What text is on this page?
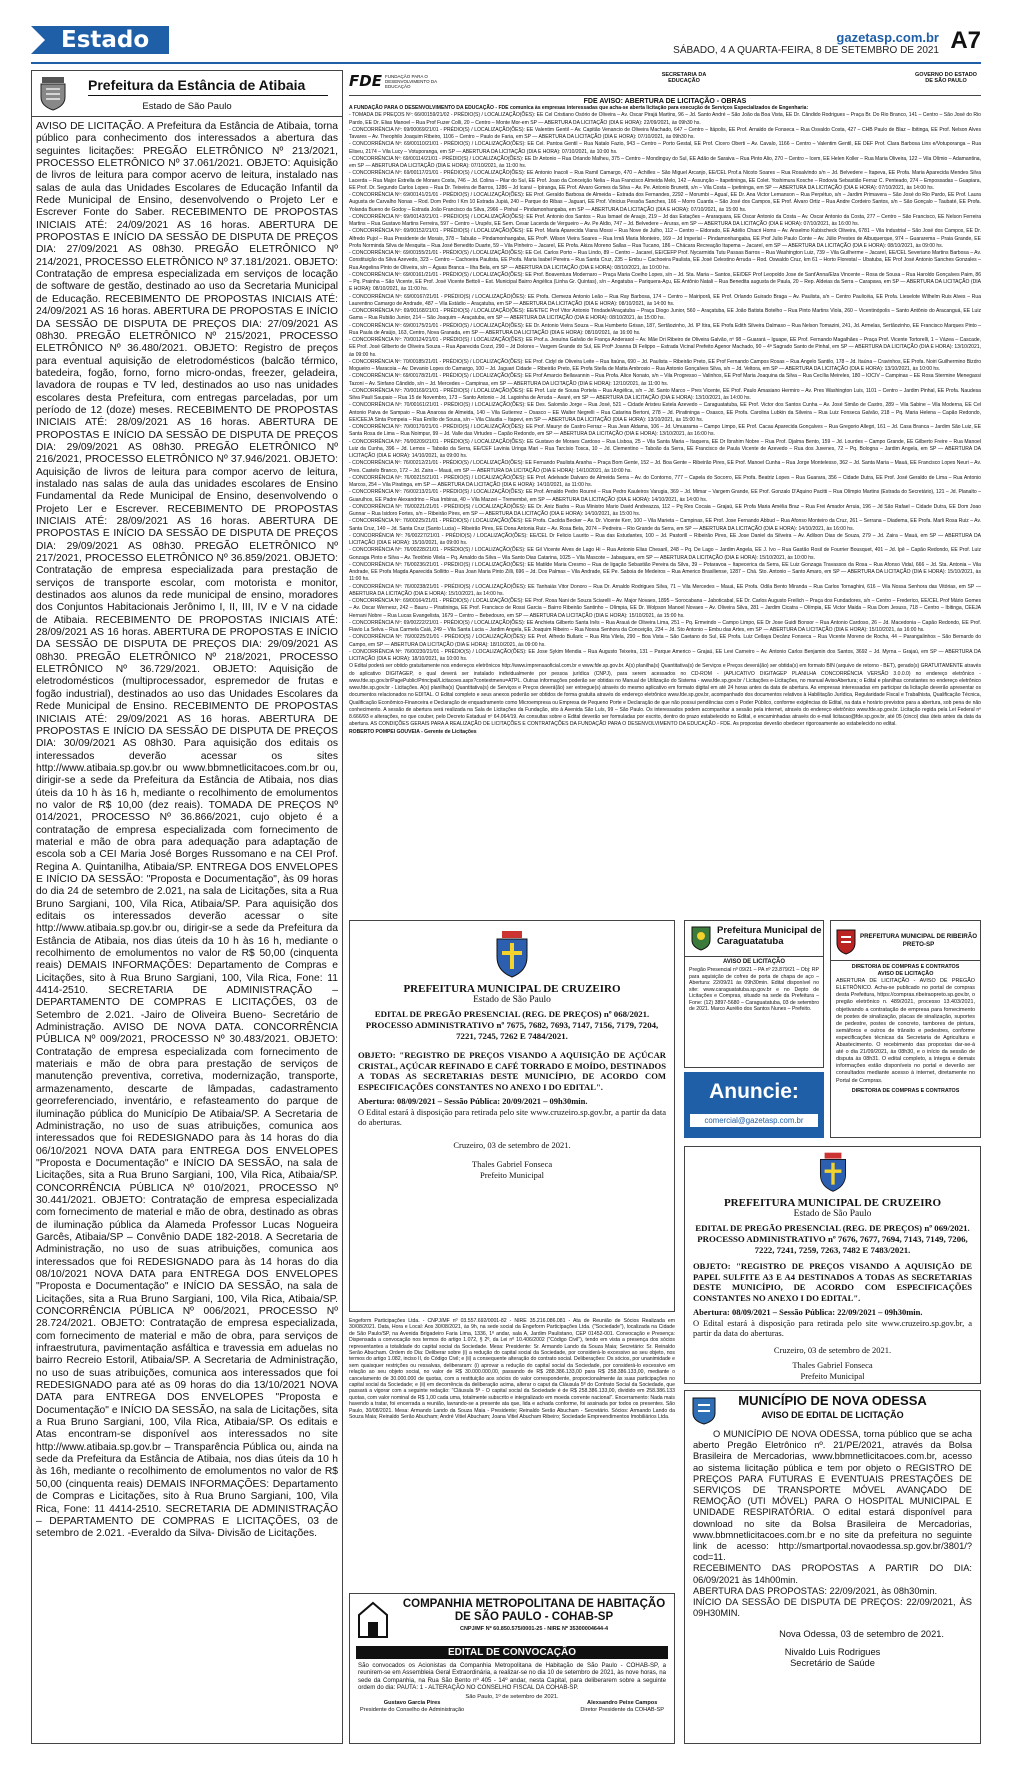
Estado	gazetasp.com.br
SÁBADO, 4 A QUARTA-FEIRA, 8 DE SETEMBRO DE 2021 A7
Prefeitura da Estância de Atibaia
Estado de São Paulo
AVISO DE LICITAÇÃO. A Prefeitura da Estância de Atibaia, torna público para conhecimento dos interessados a abertura das seguintes licitações: PREGÃO ELETRÔNICO Nº 213/2021, PROCESSO ELETRÔNICO Nº 37.061/2021. OBJETO: Aquisição de livros de leitura para compor acervo de leitura, instalado nas salas de aula das Unidades Escolares de Educação Infantil da Rede Municipal de Ensino, desenvolvendo o Projeto Ler e Escrever Fonte do Saber. RECEBIMENTO DE PROPOSTAS INICIAIS ATÉ: 24/09/2021 AS 16 horas. ABERTURA DE PROPOSTAS E INÍCIO DA SESSÃO DE DISPUTA DE PREÇOS DIA: 27/09/2021 AS 08h30. PREGÃO ELETRÔNICO Nº 214/2021, PROCESSO ELETRÔNICO Nº 37.181/2021. OBJETO: Contratação de empresa especializada em serviços de locação de software de gestão, destinado ao uso da Secretaria Municipal de Educação. RECEBIMENTO DE PROPOSTAS INICIAIS ATÉ: 24/09/2021 AS 16 horas. ABERTURA DE PROPOSTAS E INÍCIO DA SESSÃO DE DISPUTA DE PREÇOS DIA: 27/09/2021 AS 08h30. PREGÃO ELETRÔNICO Nº 215/2021, PROCESSO ELETRÔNICO Nº 36.480/2021. OBJETO: Registro de preços para eventual aquisição de eletrodomésticos (balcão térmico, batedeira, fogão, forno, forno micro-ondas, freezer, geladeira, lavadora de roupas e TV led, destinados ao uso nas unidades escolares desta Prefeitura, com entregas parceladas, por um período de 12 (doze) meses. RECEBIMENTO DE PROPOSTAS INICIAIS ATÉ: 28/09/2021 AS 16 horas. ABERTURA DE PROPOSTAS E INÍCIO DA SESSÃO DE DISPUTA DE PREÇOS DIA: 29/09/2021 AS 08h30. PREGÃO ELETRÔNICO Nº 216/2021, PROCESSO ELETRÔNICO Nº 37.946/2021. OBJETO: Aquisição de livros de leitura para compor acervo de leitura, instalado nas salas de aula das unidades escolares de Ensino Fundamental da Rede Municipal de Ensino, desenvolvendo o Projeto Ler e Escrever. RECEBIMENTO DE PROPOSTAS INICIAIS ATÉ: 28/09/2021 AS 16 horas. ABERTURA DE PROPOSTAS E INÍCIO DA SESSÃO DE DISPUTA DE PREÇOS DIA: 29/09/2021 AS 08h30. PREGÃO ELETRÔNICO Nº 217/2021, PROCESSO ELETRÔNICO Nº 36.859/2021. OBJETO: Contratação de empresa especializada para prestação de serviços de transporte escolar, com motorista e monitor, destinados aos alunos da rede municipal de ensino, moradores dos Conjuntos Habitacionais Jerônimo I, II, III, IV e V na cidade de Atibaia. RECEBIMENTO DE PROPOSTAS INICIAIS ATÉ: 28/09/2021 AS 16 horas. ABERTURA DE PROPOSTAS E INÍCIO DA SESSÃO DE DISPUTA DE PREÇOS DIA: 29/09/2021 AS 08h30. PREGÃO ELETRÔNICO Nº 218/2021, PROCESSO ELETRÔNICO Nº 36.729/2021. OBJETO: Aquisição de eletrodomésticos (multiprocessador, espremedor de frutas e fogão industrial), destinados ao uso das Unidades Escolares da Rede Municipal de Ensino. RECEBIMENTO DE PROPOSTAS INICIAIS ATÉ: 29/09/2021 AS 16 horas. ABERTURA DE PROPOSTAS E INÍCIO DA SESSÃO DE DISPUTA DE PREÇOS DIA: 30/09/2021 AS 08h30. Para aquisição dos editais os interessados deverão acessar os sites http://www.atibaia.sp.gov.br ou www.bbmnetlicitacoes.com.br ou, dirigir-se a sede da Prefeitura da Estância de Atibaia, nos dias úteis da 10 h às 16 h, mediante o recolhimento de emolumentos no valor de R$ 10,00 (dez reais). TOMADA DE PREÇOS Nº 014/2021, PROCESSO Nº 36.866/2021, cujo objeto é a contratação de empresa especializada com fornecimento de material e mão de obra para adequação para adaptação de escola sob a CEI Maria José Borges Russomano e na CEI Prof. Regina A. Quintanilha, Atibaia/SP. ENTREGA DOS ENVELOPES E INÍCIO DA SESSÃO: "Proposta e Documentação", às 09 horas do dia 24 de setembro de 2.021, na sala de Licitações, sita a Rua Bruno Sargiani, 100, Vila Rica, Atibaia/SP. Para aquisição dos editais os interessados deverão acessar o site http://www.atibaia.sp.gov.br ou, dirigir-se a sede da Prefeitura da Estância de Atibaia, nos dias úteis da 10 h às 16 h, mediante o recolhimento de emolumentos no valor de R$ 50,00 (cinquenta reais) DEMAIS INFORMAÇÕES: Departamento de Compras e Licitações, sito à Rua Bruno Sargiani, 100, Vila Rica, Fone: 11 4414-2510. SECRETARIA DE ADMINISTRAÇÃO – DEPARTAMENTO DE COMPRAS E LICITAÇÕES, 03 de Setembro de 2.021. -Jairo de Oliveira Bueno- Secretário de Administração. AVISO DE NOVA DATA. CONCORRÊNCIA PÚBLICA Nº 009/2021, PROCESSO Nº 30.483/2021. OBJETO: Contratação de empresa especializada com fornecimento de materiais e mão de obra para prestação de serviços de manutenção preventiva, corretiva, modernização, transporte, armazenamento, descarte de lâmpadas, cadastramento georreferenciado, inventário, e refasteamento do parque de iluminação pública do Município De Atibaia/SP. A Secretaria de Administração, no uso de suas atribuições, comunica aos interessados que foi REDESIGNADO para às 14 horas do dia 06/10/2021 NOVA DATA para ENTREGA DOS ENVELOPES "Proposta e Documentação" e INÍCIO DA SESSÃO, na sala de Licitações, sita a Rua Bruno Sargiani, 100, Vila Rica, Atibaia/SP. CONCORRÊNCIA PÚBLICA Nº 010/2021, PROCESSO Nº 30.441/2021. OBJETO: Contratação de empresa especializada com fornecimento de material e mão de obra, destinado as obras de iluminação pública da Alameda Professor Lucas Nogueira Garcês, Atibaia/SP – Convênio DADE 182-2018. A Secretaria de Administração, no uso de suas atribuições, comunica aos interessados que foi REDESIGNADO para às 14 horas do dia 08/10/2021 NOVA DATA para ENTREGA DOS ENVELOPES "Proposta e Documentação" e INÍCIO DA SESSÃO, na sala de Licitações, sita a Rua Bruno Sargiani, 100, Vila Rica, Atibaia/SP. CONCORRÊNCIA PÚBLICA Nº 006/2021, PROCESSO Nº 28.724/2021. OBJETO: Contratação de empresa especializada, com fornecimento de material e mão de obra, para serviços de infraestrutura, pavimentação asfáltica e travessia em aduelas no bairro Recreio Estoril, Atibaia/SP. A Secretaria de Administração, no uso de suas atribuições, comunica aos interessados que foi REDESIGNADO para até as 09 horas do dia 13/10/2021 NOVA DATA para ENTREGA DOS ENVELOPES "Proposta e Documentação" e INÍCIO DA SESSÃO, na sala de Licitações, sita a Rua Bruno Sargiani, 100, Vila Rica, Atibaia/SP. Os editais e Atas encontram-se disponível aos interessados no site http://www.atibaia.sp.gov.br – Transparência Pública ou, ainda na sede da Prefeitura da Estância de Atibaia, nos dias úteis da 10 h às 16h, mediante o recolhimento de emolumentos no valor de R$ 50,00 (cinquenta reais) DEMAIS INFORMAÇÕES: Departamento de Compras e Licitações, sito à Rua Bruno Sargiani, 100, Vila Rica, Fone: 11 4414-2510. SECRETARIA DE ADMINISTRAÇÃO – DEPARTAMENTO DE COMPRAS E LICITAÇÕES, 03 de setembro de 2.021. -Everaldo da Silva- Divisão de Licitações.
FDE FUNDAÇÃO PARA O DESENVOLVIMENTO DA EDUCAÇÃO
SECRETARIA DA EDUCAÇÃO
GOVERNO DO ESTADO DE SÃO PAULO
FDE AVISO: ABERTURA DE LICITAÇÃO - OBRAS

A FUNDAÇÃO PARA O DESENVOLVIMENTO DA EDUCAÇÃO - FDE comunica às empresas interessadas que acha-se aberta licitação para execução de Serviços Especializados de Engenharia:

- TOMADA DE PREÇOS Nº: 66/00159/21/02 - PRÉDIO(S) / LOCALIZAÇÃO(ÕES): EE Cel Cristiano Osório de Oliveira – Av. Oscar Pirajá Martins, 96 – Jd. Santo André – São João da Boa Vista, EE Dr. Cândido Rodrigues – Praça Br. Do Rio Branco, 141 – Centro – São José do Rio Pardo, EE Dr. Elias Manoel – Rua Prof Fuzer Colli, 20 – Centro – Monte Mor-em SP — ABERTURA DA LICITAÇÃO (DIA E HORA): 22/09/2021, às 09h30 hs.

- CONCORRÊNCIA Nº: 69/00069/21/01 - PRÉDIO(S) / LOCALIZAÇÃO(ÕES): EE Valentim Gentil – Av. Capitão Venancio de Oliveira Machado, 647 – Centro – Itápolis, EE Prof. Arnaldo de Fonseca – Rua Osvaldo Costa, 427 – CHB Paulo de Blaz – Ibitinga, EE Prof. Nelson Alves Tavares – Av. Theophilo Joaquim Ribeiro, 1106 – Centro – Paulo de Faria, em SP — ABERTURA DA LICITAÇÃO (DIA E HORA): 07/10/2021, às 09h30 hs.

- CONCORRÊNCIA Nº: 69/00110/21/01 - PRÉDIO(S) / LOCALIZAÇÃO(ÕES): EE Cel. Pantoa Gentil – Rua Natalo Fazio, 943 – Centro – Porto Gestal, EE Prof. Cicero Oberti – Av. Cavalo, 1166 – Centro – Valentim Gentil, EE DEF Prof. Clara Barbosa Lins e/Votuporanga – Rua Eliseu, 2174 – Vila Lucy – Votuporanga, em SP — ABERTURA DA LICITAÇÃO (DIA E HORA): 07/10/2021, às 10:00 hs.

- CONCORRÊNCIA Nº: 69/00114/21/01 - PRÉDIO(S) / LOCALIZAÇÃO(ÕES): EE Dr Antonio – Rua Orlando Malheu, 375 – Centro – Mondinguy do Sul, EE Adão de Saraiva – Rua Pinto Alio, 270 – Centro – Icem, EE Helen Koller – Rua Maria Oliveira, 122 – Vila Olímio – Adamantina, em SP — ABERTURA DA LICITAÇÃO (DIA E HORA): 07/10/2021, às 11:00 hs.

- CONCORRÊNCIA Nº: 69/00117/21/01 - PRÉDIO(S) / LOCALIZAÇÃO(ÕES): EE Antonio Inacoli – Rua Ramil Camargo, 470 – Achilles – São Miguel Arcanjo, EE/CEL Prof.a Nicoto Soares – Rua Rosalvindo s/n – Jd. Belvedere – Itapeva, EE Profa. Maria Aparecida Mendes Silva Lacerda – Rua Major Estrella de Moraes Costa, 746 – Jd. Colina – Pilar do Sul, EE Prof. Joao da Conceição Nelia – Rua Francisco Almeida Melo, 142 – Assunção – Itapetininga, EE Colet. Yoshimura Kosche – Rodovia Sebastião Ferraz C. Penteado, 274 – Empossadas – Guapiara, EE Prof. Dr. Segundo Carlos Lopes – Rua Dr. Teixeira de Barros, 1286 – Jd Icaraí – Ipiranga, EE Prof. Alvaro Gomes da Silva – Av. Pe. Antonio Brunetti, s/n – Vila Costa – Ipetininga, em SP — ABERTURA DA LICITAÇÃO (DIA E HORA): 07/10/2021, às 14:00 hs.

- CONCORRÊNCIA Nº: 69/00141/21/01 - PRÉDIO(S) / LOCALIZAÇÃO(ÕES): EE Prof. Geraldo Barbosa de Almeida – Estrada dos Fernandes, 2292 – Morumbi – Aguaí, EE Dr. Ana Victor Lemanson – Rua Perpétuo, s/n – Jardim Primavera – São José do Rio Pardo, EE Prof. Laura Augusta de Carvalho Nonas – Rod. Dom Pedro I Km 10 Estrada Jupiá, 240 – Parque do Ribas – Jaguari, EE Prof. Vinicius Pessôa Sanches, 166 – Morro Cuarda – São José dos Campos, EE Prof. Álvaro Ortiz – Rua Andre Cordeiro Santos, s/n – São Gonçalo – Taubaté, EE Profa. Yolanda Bueno de Godoy – Estrada João Francisco da Silva, 2966 – Pinhal – Pindamonhangaba, em SP — ABERTURA DA LICITAÇÃO (DIA E HORA): 07/10/2021, às 15:00 hs.

- CONCORRÊNCIA Nº: 69/00143/21/01 - PRÉDIO(S) / LOCALIZAÇÃO(ÕES): EE Prof. Antonio dos Santos – Rua Ismael de Araujo, 219 – Jd das Estações – Araraquara, EE Oscar Antonio da Costa – Av. Oscar Antonio da Costa, 277 – Centro – São Francisco, EE Nelson Ferreira Martins – Rua Gustavo Martins Ferreira, 597 – Centro – Urupês, EE Sem. Cesar Lacerda de Vergueiro – Av. Pe Aldio, 747 – Jd. Belvedere – Aruras, em SP — ABERTURA DA LICITAÇÃO (DIA E HORA): 07/10/2021, às 16:00 hs.

- CONCORRÊNCIA Nº: 69/00152/21/01 - PRÉDIO(S) / LOCALIZAÇÃO(ÕES): EE Prof. Maria Aparecida Viana Mossi – Rua Nove de Julho, 112 – Centro – Eldorado, EE Adélio Chacri Homs – Av. Anselmo Kubischeck Oliveira, 6781 – Vila Industrial – São José dos Campos, EE Dr. Alfredo Pujol – Rua Presidente de Morais, 378 – Tabuão – Pindamonhangaba, EE Profª. Wilson Vieira Soares – Rua Irmã Maria Monteiro, 169 – Jd Imperial – Pindamonhangaba, EE Prof Julio Paulo Conte – Av. Júlio Prestes de Albuquerque, 974 – Guararema – Praia Grande, EE Profa Norminda Silva de Mesquita – Rua José Benedito Duarte, 59 – Vila Pinheiro – Jacareí, EE Profa. Akiza Moreno Sallas – Rua Tucano, 186 – Chácara Recreação Itapema – Jacareí, em SP — ABERTURA DA LICITAÇÃO (DIA E HORA): 08/10/2021, às 09:00 hs.

- CONCORRÊNCIA Nº: 69/00155/21/01 - PRÉDIO(S) / LOCALIZAÇÃO(ÕES): EE Cel. Carlos Porto – Rua Lindo, 89 – Centro – Jacareí, EE/CEFP Prof. Nycarmida Tutu Passas Barros – Rua Washington Luiz, 739 – Vila Guilherme – Jacareí, EE/CEL Severiano Martins Barbosa – Av. Constituição da Silva Azevedo, 323 – Centro – Cachoeira Paulista, EE Profa. Maria Isabel Pereira – Rua Santa Cruz, 235 – Embu – Cachoeira Paulista, EE José Celestino Arruda – Rod. Oswaldo Cruz, km 61 – Horto Florestal – Ubatuba, EE Prof José Antonio Sanches Gonzales – Rua Angelina Pinto de Oliveira, s/n – Águas Branca – Ilha Bela, em SP — ABERTURA DA LICITAÇÃO (DIA E HORA): 08/10/2021, às 10:00 hs.

- CONCORRÊNCIA Nº: 69/00161/21/01 - PRÉDIO(S) / LOCALIZAÇÃO(ÕES): EE Prof. Boaventura Modernaro – Praça Maria Coelho Lopes, s/n – Jd. Sta. Maria – Santos, EE/DEF Prof Leopoldo Jose de Sant'Anna/Elza Vincente – Rosa de Sousa – Rua Haroldo Gonçalves Paim, 86 – Pq. Prainha – São Vicente, EE Prof. José Vicente Bettoli – Est. Municipal Bairro Angélica (Linha Gr. Quintas), s/n – Angatuba – Pariquera-Açu, EE Antônio Natali – Rua Benedita augusta de Paula, 20 – Rep. Aldeias da Serra – Carapava, em SP — ABERTURA DA LICITAÇÃO (DIA E HORA): 08/10/2021, às 11:00 hs.

- CONCORRÊNCIA Nº: 69/00167/21/01 - PRÉDIO(S) / LOCALIZAÇÃO(ÕES): EE Profa. Clemeza Antonio Leão – Rua Ray Barbosa, 174 – Centro – Mairiporã, EE Prof. Orlando Guirado Braga – Av. Paulista, s/n – Centro Paulicéia, EE Profa. Lieselote Wilhelm Ruis Alves – Rua Laurentino Camargo de Andrade, 487 – Vila Estádio – Araçatuba, em SP — ABERTURA DA LICITAÇÃO (DIA E HORA): 08/10/2021, às 14:00 hs.

- CONCORRÊNCIA Nº: 69/00168/21/01 - PRÉDIO(S) / LOCALIZAÇÃO(ÕES): EE/ETEC Prof Vitor Antonio Trindade/Araçatuba – Praça Diogo Junior, 560 – Araçatuba, EE João Batista Botelho – Rua Pinto Martins Viola, 260 – Vicentinópolis – Santo Antônio do Aracanguá, EE Luiz Gama – Rua Rubião Junior, 214 – São Joaquim – Araçatuba, em SP — ABERTURA DA LICITAÇÃO (DIA E HORA): 08/10/2021, às 15:00 hs.

- CONCORRÊNCIA Nº: 69/00175/21/01 - PRÉDIO(S) / LOCALIZAÇÃO(ÕES): EE Dr. Antonio Vieira Souza – Rua Humberto Grisan, 187, Sertãozinho, Jd. IP Itira, EE Profa Edith Silveira Dalmaso – Rua Nelson Tomazini, 241, Jd. Armelas, Sertãozinho, EE Francisco Marques Pinto – Rua Paula de Araújo, 163, Centro, Nova Granada, em SP — ABERTURA DA LICITAÇÃO (DIA E HORA): 08/10/2021, às 16:00 hs.

- CONCORRÊNCIA Nº: 70/00124/21/01 - PRÉDIO(S) / LOCALIZAÇÃO(ÕES): EE Prof.a. Jesuína Galvão de França Anderasol – Av. Mãe Dri Ribeiro de Oliveira Galvão, nº 98 – Guarará – Iguape, EE Prof. Fernando Magalhães – Praça Prof. Vicente Tortorelli, 1 – Vázea – Cascade, EE Prof. José Gilberto de Oliveira Souza – Rua Aparecida Cozzi, 290 – Jd Dolores – Vargem Grande do Sul, EE Profª Joanna Di Felippo – Estrada Vicinal Prefeito Agenor Machado, 90 – 4ª Sagrado Santo de Pinhal, em SP — ABERTURA DA LICITAÇÃO (DIA E HORA): 13/10/2021, às 09:00 hs.

- CONCORRÊNCIA Nº: 70/00185/21/01 - PRÉDIO(S) / LOCALIZAÇÃO(ÕES): EE Prof. Cidyl de Oliveira Leite – Rua Itaúna, 690 – Jd. Paulista – Ribeirão Preto, EE Prof Fernando Campos Rosas – Rua Angelo Santilo, 178 – Jd. Itaúna – Cravinhos, EE Profa. Noiri Guilhermino Bizdro Mogueiro – Maracoia – Av. Devanio Lopes do Camargo, 100 – Jd. Jaguari Cidade – Ribeirão Preto, EE Profa Stella de Matta Ambrosio – Rua Antonio Gonçalves Silva, s/n – Jd. Veltora, em SP — ABERTURA DA LICITAÇÃO (DIA E HORA): 13/10/2021, às 10:00 hs.

- CONCORRÊNCIA Nº: 69/00178/21/01 - PRÉDIO(S) / LOCALIZAÇÃO(ÕES): EE Prof Amarcio Bellavannin – Rua Profa. Alice Nonato, s/n – Vila Progresso – Valinhos, EE Prof Maria Joaquina da Silva – Rua Cecília Meireles, 180 – IOCIV – Campinas – EE Rosa Stermine Menegassi Tazoni – Av. Sinfano Cândido, s/n – Jd. Mercedes – Campinas, em SP — ABERTURA DA LICITAÇÃO (DIA E HORA): 12/10/2021, às 11:00 hs.

- CONCORRÊNCIA Nº: 70/00169/21/01 - PRÉDIO(S) / LOCALIZAÇÃO(ÕES): EE Prof. Luiz de Sousa Portela – Rua Angélica, s/n – Jd. Santo Marco – Pres Vicente, EE Prof. Paulo Amasiano Hermiro – Av. Pres Washington Luis, 1101 – Centro – Jardim Pinhal, EE Profa. Naudesa Silva Pauli Saupaio – Rua 15 de Novembro, 173 – Santo Antonio – Jd. Lagoinha de Arruda – Avaré, em SP — ABERTURA DA LICITAÇÃO (DIA E HORA): 13/10/2021, às 14:00 hs.

- CONCORRÊNCIA Nº: 70/00161/21/01 - PRÉDIO(S) / LOCALIZAÇÃO(ÕES): EE Des. Salomão Jorge – Rua José, 521 – Cidade Aristeu Estela Azevedo – Caraguatatuba, EE Prof. Victor dos Santos Cunha – Av. José Simão de Castro, 289 – Vila Sabine – Vila Moderna, EE Cel Antonio Paiva de Sampaio – Rua Anarosa de Almeida, 140 – Vila Gutierrez – Osasco – EE Walter Negrelli – Rua Catarina Bertoni, 278 – Jd. Piratininga – Osasco, EE Profa. Carolina Lubkin da Silveira – Rua Luiz Fonseca Galvão, 218 – Pq. Maria Helena – Capão Redondo, EE/CEEJA Sinta Pompeia – Rua Emílio de Sousa, s/n – Vila Cláudia – Itapevi, em SP — ABERTURA DA LICITAÇÃO (DIA E HORA): 13/10/2021, às 15:00 hs.

- CONCORRÊNCIA Nº: 70/00170/21/01 - PRÉDIO(S) / LOCALIZAÇÃO(ÕES): EE Prof. Mauryr de Castro Ferraz – Rua Jean Aldama, 106 – Jd. Umuarama – Campo Limpo, EE Prof. Cacau Aparecida Gonçalves – Rua Gregorio Allegri, 161 – Jd. Casa Branca – Jardim São Luiz, EE Santa Rosa de Lima – Rua Noimpur, 99 – Jd. Valle das Virtudes – Capão Redondo, em SP — ABERTURA DA LICITAÇÃO (DIA E HORA): 13/10/2021, às 16:00 hs.

- CONCORRÊNCIA Nº: 76/00209/21/01 - PRÉDIO(S) / LOCALIZAÇÃO(ÕES): EE Gustavo de Moraes Cardoso – Rua Lisboa, 25 – Vila Santa Maria – Itaquera, EE Dr Ibrahim Nobre – Rua Prof. Djalma Bento, 159 – Jd. Lourdes – Campo Grande, EE Gilberto Freire – Rua Manoel Luiz da Cunha, 396 – Jd. Lemos – Taboão da Serra, EE/CEF Lavinia Uringa Mari – Rua Tarcísio Tosca, 10 – Jd. Clementino – Taboão da Serra, EE Francisco de Paula Vicente de Azevedo – Rua dos Juvenes, 72 – Pq. Bologna – Jardim Angela, em SP — ABERTURA DA LICITAÇÃO (DIA E HORA): 14/10/2021, às 09:00 hs.

- CONCORRÊNCIA Nº: 76/00212/21/01 - PRÉDIO(S) / LOCALIZAÇÃO(ÕES): EE Fernando Paulista Aranha – Praça Bom Gente, 152 – Jd. Boa Gente – Ribeirão Pires, EE Prof. Manoel Cunha – Rua Jorge Montelesso, 362 – Jd. Santa Maria – Mauá, EE Francisco Lopes Neuri – Av. Pres. Castelo Branco, 172 – Jd. Zaira – Mauá, em SP — ABERTURA DA LICITAÇÃO (DIA E HORA): 14/10/2021, às 10:00 hs.

- CONCORRÊNCIA Nº: 76/00215/21/01 - PRÉDIO(S) / LOCALIZAÇÃO(ÕES): EE Prof. Adelvade Dalvaro de Almeida Serra – Av. do Contorno, 777 – Capela do Socorro, EE Profa. Beatriz Lopes – Rua Guarara, 356 – Cidade Dutra, EE Prof. José Geraldo de Lima – Rua Antonio Marcos, 254 – Vila Piratinga, em SP — ABERTURA DA LICITAÇÃO (DIA E HORA): 14/10/2021, às 11:00 hs.

- CONCORRÊNCIA Nº: 76/00213/21/01 - PRÉDIO(S) / LOCALIZAÇÃO(ÕES): EE Prof. Arnaldo Pedro Rourné – Rua Pedro Kauleiros Varugia, 369 – Jd. Mimar – Vargem Grande, EE Prof. Gonzalo D'Aquino Pacitti – Rua Olímpio Martins (Estrada do Secretário), 121 – Jd. Planalto – Guarulhos, EE Padre Alexandrino – Rua Imbiras, 40 – Vila Mazzei – Tremembé, em SP — ABERTURA DA LICITAÇÃO (DIA E HORA): 14/10/2021, às 14:00 hs.

- CONCORRÊNCIA Nº: 76/00221/21/01 - PRÉDIO(S) / LOCALIZAÇÃO(ÕES): EE Dr. Aniz Badra – Rua Ministro Mario David Andreazza, 112 – Pq Res Cocaia – Grajaú, EE Profa Maria Amélia Braz – Rua Frei Amador Arruia, 196 – Jd São Rafael – Cidade Dutra, EE Dom Joao Gunnar – Rua Isidoro Fortes, s/n – Ribeirão Pires, em SP — ABERTURA DA LICITAÇÃO (DIA E HORA): 14/10/2021, às 15:00 hs.

- CONCORRÊNCIA Nº: 76/00225/21/01 - PRÉDIO(S) / LOCALIZAÇÃO(ÕES): EE Profa. Cacilda Becker – Av. Dr. Vicente Kerr, 100 – Vila Marieta – Campinas, EE Prof. Jose Fernando Abbud – Rua Afonso Monteiro da Cruz, 261 – Serrana – Diadema, EE Profa. Marli Rosa Ruiz – Av. Santa Cruz, 140 – Jd. Santa Cruz (Santo Lucia) – Ribeirão Pires, EE Dona Antonia Ruiz – Av. Rosa Bela, 2074 – Pedreira – Rio Grande da Serra, em SP — ABERTURA DA LICITAÇÃO (DIA E HORA): 14/10/2021, às 16:00 hs.

- CONCORRÊNCIA Nº: 76/00227/21/01 - PRÉDIO(S) / LOCALIZAÇÃO(ÕES): EE/CEL Dr Felicio Laurito – Rua das Estudantes, 100 – Jd. Pastorill – Ribeirão Pires, EE Jose Daniel da Silveira – Av. Adilson Dias de Souza, 279 – Jd. Zaira – Mauá, em SP — ABERTURA DA LICITAÇÃO (DIA E HORA): 15/10/2021, às 09:00 hs.

- CONCORRÊNCIA Nº: 76/00228/21/01 - PRÉDIO(S) / LOCALIZAÇÃO(ÕES): EE Gil Vicente Alves de Lago Hi – Rua Antonio Elias Chesaril, 248 – Pq. De Lago – Jardim Angela, EE J. Ivo – Rua Gastão Rosil de Fourrier Bousquet, 401 – Jd. Ipê – Capão Redondo, EE Prof. Luiz Gonzaga Pinto e Silva – Av. Teotônio Vilela – Pq. Arnaldo da Silva – Vila Santo Dias Catarina, 1025 – Vila Mascote – Jabaquara, em SP — ABERTURA DA LICITAÇÃO (DIA E HORA): 15/10/2021, às 10:00 hs.

- CONCORRÊNCIA Nº: 76/00236/21/01 - PRÉDIO(S) / LOCALIZAÇÃO(ÕES): EE Matilde Maria Cresmo – Rua de ligação Sebastião Pereira da Silva, 39 – Potaravoa – Itapecerica da Serra, EE Luiz Gonzaga Travassos da Rosa – Rua Afonso Vidal, 666 – Jd. Sta. Antonia – Vila Andrade, EE Profa Magda Aparecida Sollitto – Rua Joan Maria Pinto Zilli, 696 – Jd. Dos Palmas – Vila Andrade, EE Pe. Saboia de Medeiros – Rua Americo Brasiliense, 1287 – Chá. Sto. Antonio – Santo Amaro, em SP — ABERTURA DA LICITAÇÃO (DIA E HORA): 15/10/2021, às 11:00 hs.

- CONCORRÊNCIA Nº: 76/00238/21/01 - PRÉDIO(S) / LOCALIZAÇÃO(ÕES): EE Tanhaiás Vitor Donoro – Rua Dr. Arnaldo Rodrigues Silva, 71 – Vila Mercedes – Mauá, EE Profa. Odila Bento Miranda – Rua Carlos Tornaghini, 616 – Vila Nossa Senhora das Vitórias, em SP — ABERTURA DA LICITAÇÃO (DIA E HORA): 15/10/2021, às 14:00 hs.

- CONCORRÊNCIA Nº: 69/00164/21/01 - PRÉDIO(S) / LOCALIZAÇÃO(ÕES): EE Prof. Rosa Nani de Souza Sciarelli – Av. Major Novaes, 1895 – Sorocabana – Jaboticabal, EE Dr. Carlos Augusto Freilich – Praça dos Fundadores, s/n – Centro – Frederico, EE/CEL Prof Mário Gomes – Av. Oscar Wernesz, 242 – Bauru – Piratininga, EE Prof. Francisco de Rossi Garcia – Bairro Ribeirão Santinho – Olímpia, EE Dr. Wolpson Manoel Novaes – Av. Oliveira Silva, 281 – Jardim Cicatra – Olímpia, EE Victor Maida – Rua Dom Jesuss, 718 – Centro – Ibitinga, CEEJA Hernani Nobre – Rua Lucas Evangelista, 1679 – Centro – Bebedouro, em SP — ABERTURA DA LICITAÇÃO (DIA E HORA): 15/10/2021, às 15:00 hs.

- CONCORRÊNCIA Nº: 69/00222/21/01 - PRÉDIO(S) / LOCALIZAÇÃO(ÕES): EE Anchieta Gilberto Santa Inês – Rua Arauá de Oliveira Lima, 251 – Pq. Ermeindo – Campo Limpo, EE Dr Jose Guidi Bonsor – Rua Antonio Cardoso, 26 – Jd. Macedonia – Capão Redondo, EE Prof. Flavio La Selva – Rua Carmela Caiá, 249 – Vila Santa Lucia – Jardim Angela, EE Joaquim Ribeiro – Rua Nossa Senhora da Conceição, 234 – Jd. Sto Antonio – Embu das Artes, em SP — ABERTURA DA LICITAÇÃO (DIA E HORA): 15/10/2021, às 16:00 hs.

- CONCORRÊNCIA Nº: 76/00225/21/01 - PRÉDIO(S) / LOCALIZAÇÃO(ÕES): EE Prof. Alfredo Bullaric – Rua Rita Vilela, 290 – Boa Vista – São Caetano do Sul, EE Profa. Luiz Cellaya Decânz Fonseca – Rua Vicente Moreno de Rocha, 44 – Parangalinhos – São Bernardo do Campo, em SP — ABERTURA DA LICITAÇÃO (DIA E HORA): 18/10/2021, às 09:00 hs.

- CONCORRÊNCIA Nº: 76/00230/21/01 - PRÉDIO(S) / LOCALIZAÇÃO(ÕES): EE Jose Sykim Mendia – Rua Augusto Teixeira, 131 – Parque Americo – Grajaú, EE Levi Carneiro – Av. Antonio Carlos Benjamin dos Santos, 3692 – Jd. Myrna – Grajaú, em SP — ABERTURA DA LICITAÇÃO (DIA E HORA): 18/10/2021, às 10:00 hs.

O Edital poderá ser obtido gratuitamente nos endereços eletrônicos http://www.imprensaoficial.com.br e www.fde.sp.gov.br. A(s) planilha(s) Quantitativa(s) de Serviços e Preços deverá(ão) ser obtida(s) em formato BIN (arquivo de retorno - BET), gerado(s) GRATUITAMENTE através do aplicativo DIGITAGEP, o qual deverá ser instalado individualmente por pessoa jurídica (CNPJ), para serem acessados no CD-ROM - (APLICATIVO DIGITAGEP PLANILHA CONCORRÊNCIA VERSÃO 3.0.0.0) no endereço eletrônico - www.fde.sp.gov.br/PagePublic/Principal/Licitacoes.aspx?contextmenu=ATPL. Outras informações poderão ser obtidas no Manual de Utilização do Sistema - www.fde.sp.gov.br / Licitações e-Licitações, no manual AvisoAbertura; o Edital e planilhas constantes no endereço eletrônico www.fde.sp.gov.br - Licitações. A(s) planilha(s) Quantitativa(s) de Serviços e Preços deverá(ão) ser entregue(s) através do mesmo aplicativo em formato digital em até 24 horas antes da data de abertura. As empresas interessadas em participar da licitação deverão apresentar os documentos relacionados no EDITAL. O Edital completo e seus anexos poderão ser obtidos de forma gratuita através do endereço eletrônico www.fde.sp.gov.br, acompanhado dos documentos relativos à Habilitação Jurídica, Regularidade Fiscal e Trabalhista, Qualificação Técnica, Qualificação Econômico-Financeira e Declaração de enquadramento como Microempresa ou Empresa de Pequeno Porte e Declaração de que não possui pendências com o Poder Público, conforme exigências do Edital, na data e horário previstos para a abertura, sob pena de não conhecimento. A sessão de abertura será realizada na Sala de Licitações da Fundação, sito à Avenida São Luís, 99 – São Paulo. Os interessados podem acompanhar a sessão pela internet, através do endereço eletrônico www.fde.sp.gov.br. Licitação regida pela Lei Federal nº 8.666/93 e alterações, no que couber, pelo Decreto Estadual nº 64.064/19. As consultas sobre o Edital deverão ser formuladas por escrito, dentro do prazo estabelecido no Edital, e encaminhadas através do e-mail licitacao@fde.sp.gov.br, até 05 (cinco) dias úteis antes da data da abertura. AS CONDIÇÕES GERAIS PARA A REALIZAÇÃO DE LICITAÇÕES E CONTRATAÇÕES DA FUNDAÇÃO PARA O DESENVOLVIMENTO DA EDUCAÇÃO - FDE. As propostas deverão obedecer rigorosamente ao estabelecido no edital.

ROBERTO POMPEI GOUVEIA - Gerente de Licitações

PREFEITURA MUNICIPAL DE CRUZEIRO
Estado de São Paulo
EDITAL DE PREGÃO PRESENCIAL (REG. DE PREÇOS) nº 068/2021.
PROCESSO ADMINISTRATIVO nº 7675, 7682, 7693, 7147, 7156, 7179, 7204, 7221, 7245, 7262 E 7484/2021.
OBJETO: "REGISTRO DE PREÇOS VISANDO A AQUISIÇÃO DE AÇÚCAR CRISTAL, AÇÚCAR REFINADO E CAFÉ TORRADO E MOÍDO, DESTINADOS A TODAS AS SECRETARIAS DESTE MUNICÍPIO, DE ACORDO COM ESPECIFICAÇÕES CONSTANTES NO ANEXO I DO EDITAL".
Abertura: 08/09/2021 – Sessão Pública: 20/09/2021 – 09h30min.
O Edital estará à disposição para retirada pelo site www.cruzeiro.sp.gov.br, a partir da data do aberturas.
Cruzeiro, 03 de setembro de 2021.
Thales Gabriel Fonseca
Prefeito Municipal
Prefeitura Municipal de Caraguatatuba
AVISO DE LICITAÇÃO
Pregão Presencial nº 09/21 – PA nº 23.879/21 – Obj: RP para aquisição de cofres de porta de chapa de aço – Abertura: 22/09/21 às 09h30min. Edital disponível no site: www.caraguatatuba.sp.gov.br e no Depto de Licitações e Compras, situado na sede da Prefeitura – Fone: (12) 3897-5680 – Caraguatatuba, 03 de setembro de 2021. Marco Aurélio dos Santos Nunes – Prefeito.
PREFEITURA MUNICIPAL DE RIBEIRÃO PRETO-SP
DIRETORIA DE COMPRAS E CONTRATOS
AVISO DE LICITAÇÃO
ABERTURA DE LICITAÇÃO - AVISO DE PREGÃO ELETRÔNICO. Acha-se publicado no portal de compras desta Prefeitura, https://compras.ribeiraopreto.sp.gov.br, o pregão eletrônico n. 489/2021, processo 13.403/2021, objetivando a contratação de empresa para fornecimento de postes de sinalização, placas de sinalização, suportes de pedestre, postes de concreto, tambores de pintura, semáforos e outros de trânsito e pedestres, conforme especificações técnicas da Secretaria de Agricultura e Abastecimento. O recebimento das propostas dar-se-á até o dia 21/09/2021, às 08h30, e o início da sessão de disputa às 08h31. O edital completo, a íntegra e demais informações estão disponíveis no portal e deverão ser consultados mediante acesso à internet, diretamente no Portal de Compras.
DIRETORIA DE COMPRAS E CONTRATOS
Anuncie:
comercial@gazetasp.com.br
Engeform Participações Ltda. - CNPJ/MF nº 03.557.692/0001-82 - NIRE 35.216.086.081 - Ata de Reunião de Sócios Realizada em 30/08/2021. Data, Hora e Local: Aos 30/08/2021, às 9h, na sede social da Engeform Participações Ltda. ("Sociedade"), localizada na Cidade de São Paulo/SP, na Avenida Brigadeiro Faria Lima, 1336, 1º andar, sala A, Jardim Paulistano, CEP 01452-001. Convocação e Presença: Dispensada a convocação nos termos do artigo 1.072, § 2º, da Lei nº 10.406/2002 ("Código Civil"), tendo em vista a presença dos sócios representantes a totalidade do capital social da Sociedade. Mesa: Presidente: Sr. Armando Lando da Souza Maia; Secretário: Sr. Reinaldo Serão Abucham. Ordem do Dia: Deliberar sobre (i) a redução do capital social da Sociedade, por considerá-lo excessivo ao seu objeto, nos termos do artigo 1.082, inciso II, do Código Civil; e (ii) a consequente alteração do contrato social. Deliberações: Os sócios, por unanimidade e sem quaisquer restrições ou ressalvas, deliberaram: (i) aprovar a redução do capital social da Sociedade, por considerá-lo excessivo em relação ao seu objeto social, no valor de R$ 30.000.000,00, passando de R$ 288.386.133,00 para R$ 258.386.133,00, mediante o cancelamento de 30.000.000 de quotas, com a restituição aos sócios do valor correspondente, proporcionalmente às suas participações no capital social da Sociedade; e (ii) em decorrência da deliberação acima, alterar o caput da Cláusula 5ª do Contrato Social da Sociedade, que passará a vigorar com a seguinte redação: "Cláusula 5ª - O capital social da Sociedade é de R$ 258.386.133,00, dividido em 258.386.133 quotas, com valor nominal de R$ 1,00 cada uma, totalmente subscrito e integralizado em moeda corrente nacional". Encerramento: Nada mais havendo a tratar, foi encerrada a reunião, lavrando-se a presente ata que, lida e achada conforme, foi assinada por todos os presentes. São Paulo, 30/08/2021. Mesa: Armando Lando da Souza Maia - Presidente; Reinaldo Serão Abucham - Secretário. Sócios: Armando Lando da Souza Maia; Reinaldo Serão Abucham; André Vitiel Abucham; Joana Vitiel Abucham Ribeiro; Sociedade Empreendimentos Imobiliários Ltda.
COMPANHIA METROPOLITANA DE HABITAÇÃO DE SÃO PAULO - COHAB-SP
CNPJ/MF Nº 60.850.575/0001-25 - NIRE Nº 35300004644-4
EDITAL DE CONVOCAÇÃO
São convocados os Acionistas da Companhia Metropolitana de Habitação de São Paulo - COHAB-SP, a reunirem-se em Assembleia Geral Extraordinária, a realizar-se no dia 10 de setembro de 2021, às nove horas, na sede da Companhia, na Rua São Bento nº 405 - 14º andar, nesta Capital, para deliberarem sobre a seguinte ordem do dia: PAUTA: 1 - ALTERAÇÃO NO CONSELHO FISCAL DA COHAB-SP.
São Paulo, 1º de setembro de 2021.
Gustavo Garcia Pires
Presidente do Conselho de Administração
Alexsandro Peixe Campos
Diretor Presidente da COHAB-SP
PREFEITURA MUNICIPAL DE CRUZEIRO
Estado de São Paulo
EDITAL DE PREGÃO PRESENCIAL (REG. DE PREÇOS) nº 069/2021.
PROCESSO ADMINISTRATIVO nº 7676, 7677, 7694, 7143, 7149, 7206, 7222, 7241, 7259, 7263, 7482 E 7483/2021.
OBJETO: "REGISTRO DE PREÇOS VISANDO A AQUISIÇÃO DE PAPEL SULFITE A3 E A4 DESTINADOS A TODAS AS SECRETARIAS DESTE MUNICÍPIO, DE ACORDO COM ESPECIFICAÇÕES CONSTANTES NO ANEXO I DO EDITAL".
Abertura: 08/09/2021 – Sessão Pública: 22/09/2021 – 09h30min.
O Edital estará à disposição para retirada pelo site www.cruzeiro.sp.gov.br, a partir da data do aberturas.
Cruzeiro, 03 de setembro de 2021.
Thales Gabriel Fonseca
Prefeito Municipal
MUNICÍPIO DE NOVA ODESSA
AVISO DE EDITAL DE LICITAÇÃO

O MUNICÍPIO DE NOVA ODESSA, torna público que se acha aberto Pregão Eletrônico nº. 21/PE/2021, através da Bolsa Brasileira de Mercadorias, www.bbmnetlicitacoes.com.br, acesso ao sistema licitação pública e tem por objeto o REGISTRO DE PREÇOS PARA FUTURAS E EVENTUAIS PRESTAÇÕES DE SERVIÇOS DE TRANSPORTE MÓVEL AVANÇADO DE REMOÇÃO (UTI MÓVEL) PARA O HOSPITAL MUNICIPAL E UNIDADE RESPIRATÓRIA. O edital estará disponível para download no site da Bolsa Brasileira de Mercadorias, www.bbmnetlicitacoes.com.br e no site da prefeitura no seguinte link de acesso: http://smartportal.novaodessa.sp.gov.br/3801/?cod=11.

RECEBIMENTO DAS PROPOSTAS A PARTIR DO DIA: 06/09/2021 às 14h00min.

ABERTURA DAS PROPOSTAS: 22/09/2021, às 08h30min.

INÍCIO DA SESSÃO DE DISPUTA DE PREÇOS: 22/09/2021, ÀS 09H30MIN.

Nova Odessa, 03 de setembro de 2021.
Nivaldo Luis Rodrigues
Secretário de Saúde
